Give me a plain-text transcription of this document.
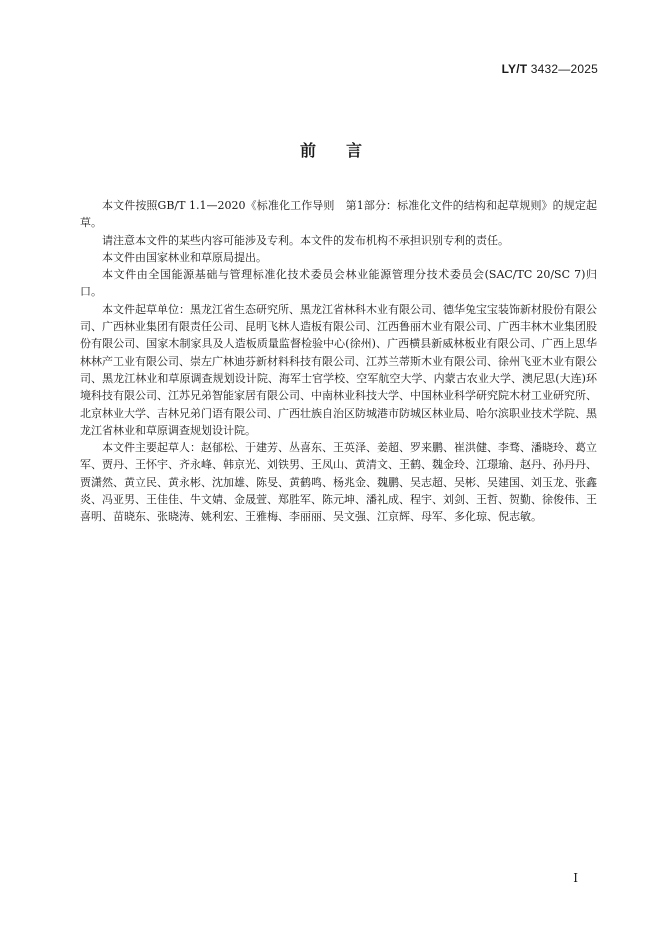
LY/T 3432—2025
前言

本文件按照GB/T 1.1—2020《标准化工作导则　第1部分：标准化文件的结构和起草规则》的规定起草。

请注意本文件的某些内容可能涉及专利。本文件的发布机构不承担识别专利的责任。

本文件由国家林业和草原局提出。

本文件由全国能源基础与管理标准化技术委员会林业能源管理分技术委员会(SAC/TC 20/SC 7)归口。

本文件起草单位：黑龙江省生态研究所、黑龙江省林科木业有限公司、德华兔宝宝装饰新材股份有限公司、广西林业集团有限责任公司、昆明飞林人造板有限公司、江西鲁丽木业有限公司、广西丰林木业集团股份有限公司、国家木制家具及人造板质量监督检验中心(徐州)、广西横县新威林板业有限公司、广西上思华林林产工业有限公司、崇左广林迪芬新材料科技有限公司、江苏兰蒂斯木业有限公司、徐州飞亚木业有限公司、黑龙江林业和草原调查规划设计院、海军士官学校、空军航空大学、内蒙古农业大学、澳尼思(大连)环境科技有限公司、江苏兄弟智能家居有限公司、中南林业科技大学、中国林业科学研究院木材工业研究所、北京林业大学、吉林兄弟门语有限公司、广西壮族自治区防城港市防城区林业局、哈尔滨职业技术学院、黑龙江省林业和草原调查规划设计院。

本文件主要起草人：赵郁松、于建芳、丛喜东、王英泽、姜超、罗来鹏、崔洪健、李骛、潘晓玲、葛立军、贾丹、王怀宇、齐永峰、韩京光、刘铁男、王凤山、黄清文、王鹤、魏金玲、江璟瑜、赵丹、孙丹丹、贾潇然、黄立民、黄永彬、沈加雄、陈旻、黄鹤鸣、杨兆金、魏鹏、吴志超、吴彬、吴建国、刘玉龙、张鑫炎、冯亚男、王佳佳、牛文婧、金晟萱、郑胜军、陈元坤、潘礼成、程宇、刘剑、王哲、贺勤、徐俊伟、王喜明、苗晓东、张晓涛、姚利宏、王雅梅、李丽丽、吴文强、江京辉、母军、多化琼、倪志敏。

I
